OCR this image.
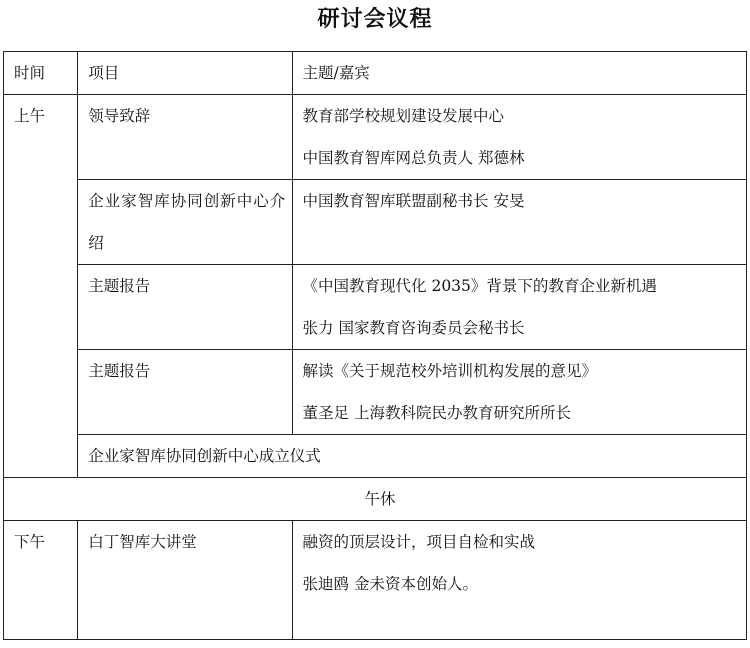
研讨会议程
时间	项目	主题/嘉宾
上午	领导致辞	教育部学校规划建设发展中心
中国教育智库网总负责人 郑德林

	企业家智库协同创新中心介绍	中国教育智库联盟副秘书长 安旻

	主题报告	《中国教育现代化 2035》背景下的教育企业新机遇
张力 国家教育咨询委员会秘书长

	主题报告	解读《关于规范校外培训机构发展的意见》
董圣足 上海教科院民办教育研究所所长

	企业家智库协同创新中心成立仪式	
午休		
下午	白丁智库大讲堂	融资的顶层设计，项目自检和实战
张迪鸥 金未资本创始人。
